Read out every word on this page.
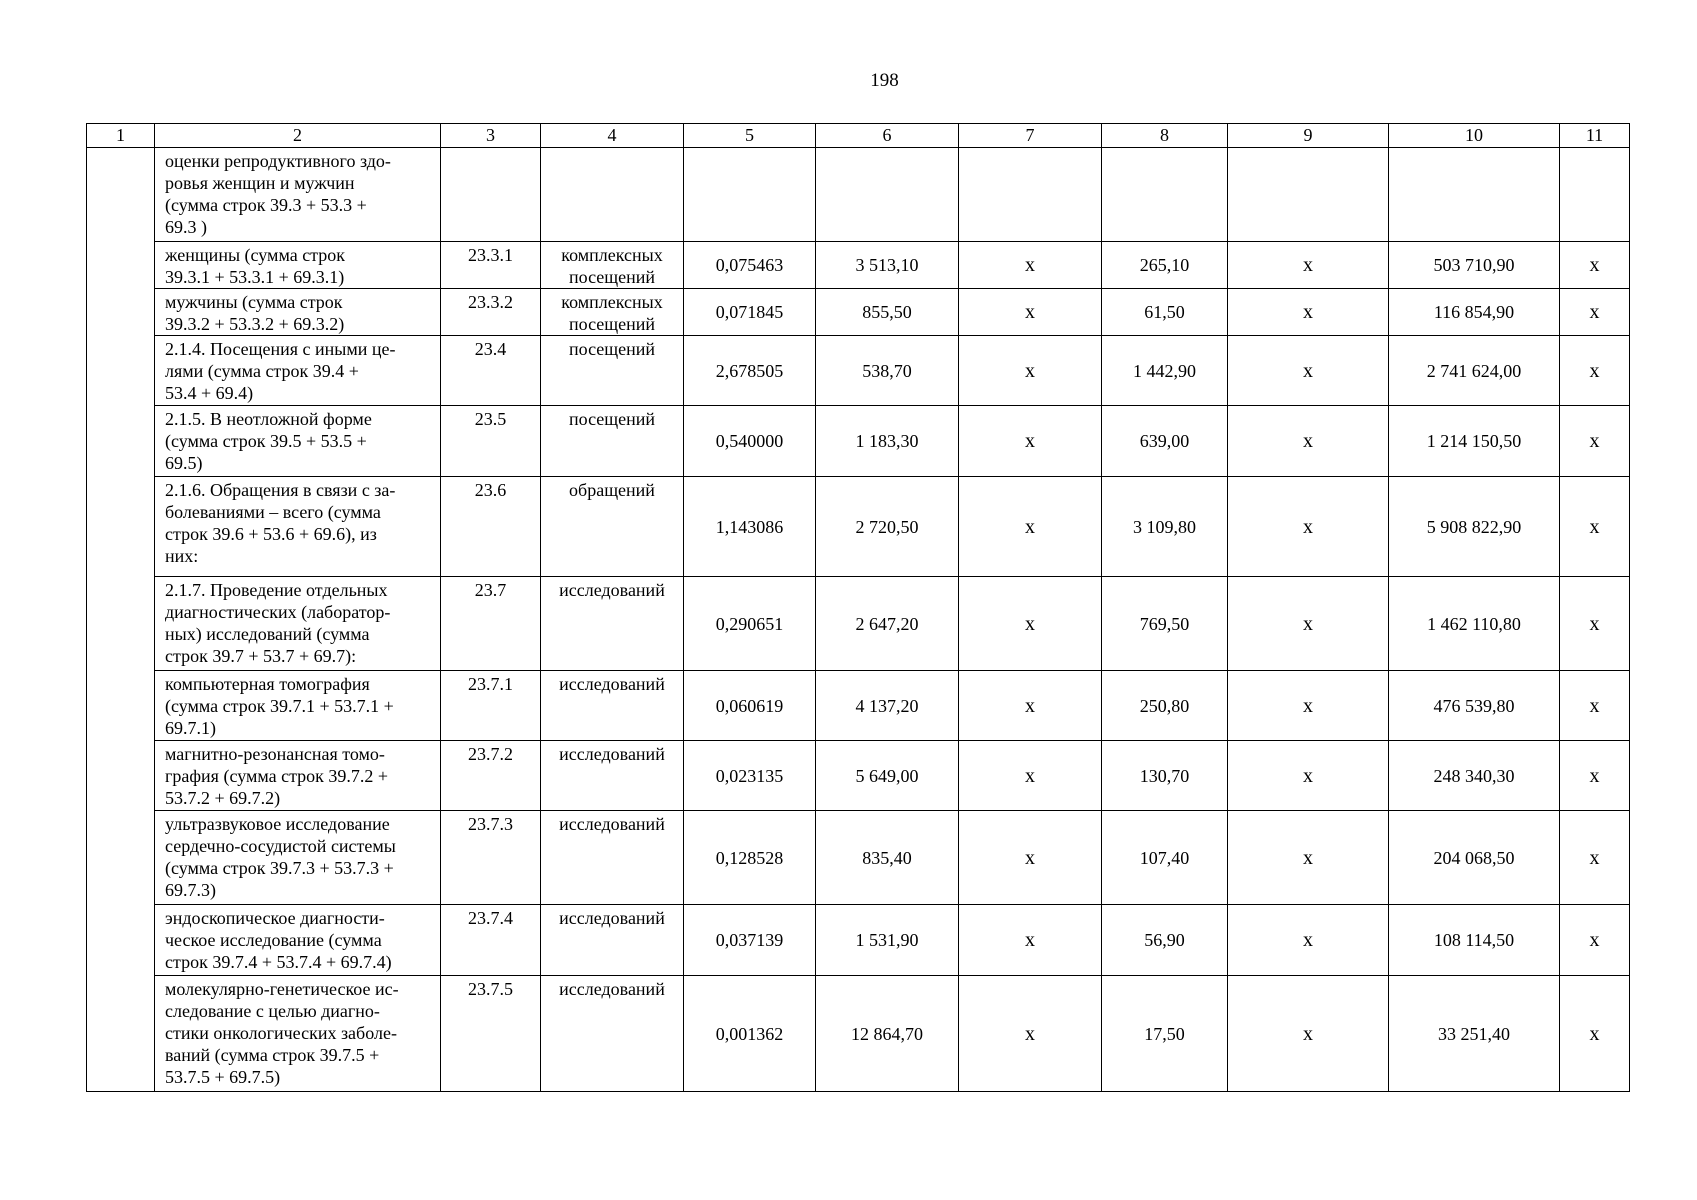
198
1	2	3	4	5	6	7	8	9	10	11
	оценки репродуктивного здо-
ровья женщин и мужчин
(сумма строк 39.3 + 53.3 +
69.3 )									
	женщины (сумма строк
39.3.1 + 53.3.1 + 69.3.1)	23.3.1	комплексных
посещений	0,075463	3 513,10	х	265,10	х	503 710,90	х
	мужчины (сумма строк
39.3.2 + 53.3.2 + 69.3.2)	23.3.2	комплексных
посещений	0,071845	855,50	х	61,50	х	116 854,90	х
	2.1.4. Посещения с иными це-
лями (сумма строк 39.4 +
53.4 + 69.4)	23.4	посещений	2,678505	538,70	х	1 442,90	х	2 741 624,00	х
	2.1.5. В неотложной форме
(сумма строк 39.5 + 53.5 +
69.5)	23.5	посещений	0,540000	1 183,30	х	639,00	х	1 214 150,50	х
	2.1.6. Обращения в связи с за-
болеваниями – всего (сумма
строк 39.6 + 53.6 + 69.6), из
них:	23.6	обращений	1,143086	2 720,50	х	3 109,80	х	5 908 822,90	х
	2.1.7. Проведение отдельных
диагностических (лаборатор-
ных) исследований (сумма
строк 39.7 + 53.7 + 69.7):	23.7	исследований	0,290651	2 647,20	х	769,50	х	1 462 110,80	х
	компьютерная томография
(сумма строк 39.7.1 + 53.7.1 +
69.7.1)	23.7.1	исследований	0,060619	4 137,20	х	250,80	х	476 539,80	х
	магнитно-резонансная томо-
графия (сумма строк 39.7.2 +
53.7.2 + 69.7.2)	23.7.2	исследований	0,023135	5 649,00	х	130,70	х	248 340,30	х
	ультразвуковое исследование
сердечно-сосудистой системы
(сумма строк 39.7.3 + 53.7.3 +
69.7.3)	23.7.3	исследований	0,128528	835,40	х	107,40	х	204 068,50	х
	эндоскопическое диагности-
ческое исследование (сумма
строк 39.7.4 + 53.7.4 + 69.7.4)	23.7.4	исследований	0,037139	1 531,90	х	56,90	х	108 114,50	х
	молекулярно-генетическое ис-
следование с целью диагно-
стики онкологических заболе-
ваний (сумма строк 39.7.5 +
53.7.5 + 69.7.5)	23.7.5	исследований	0,001362	12 864,70	х	17,50	х	33 251,40	х
